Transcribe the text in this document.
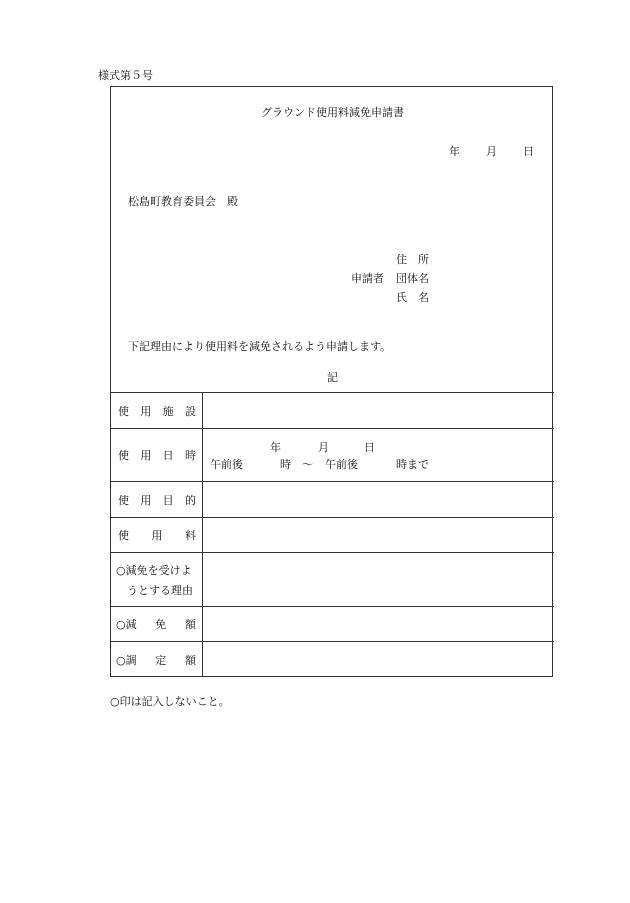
様式第５号
グラウンド使用料減免申請書
年 月 日
松島町教育委員会　殿
住　所
申請者 団体名
氏　名
下記理由により使用料を減免されるよう申請します。
記
使 用 施 設
使 用 日 時
年	月	日
午前後	時　～ 午前後	時まで
使 用 目 的
使 用 料
○減免を受けよ
　うとする理由
○減 免 額
○調 定 額
○印は記入しないこと。
